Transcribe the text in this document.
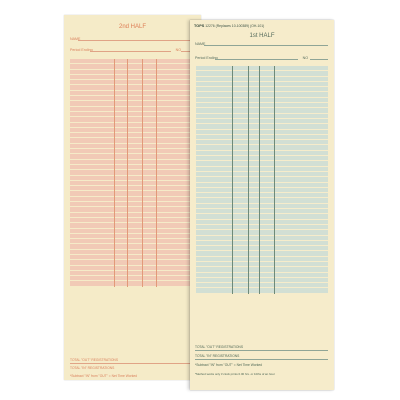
2nd HALF
NAME
Period Ending	NO
TOTAL "OUT" REGISTRATIONS
TOTAL "IN" REGISTRATIONS
*Subtract "IN" from "OUT" = Net Time Worked
TOPS 12276 (Replaces 10-100389) (OH-101)
1st HALF
NAME
Period Ending	NO
TOTAL "OUT" REGISTRATIONS
TOTAL "IN" REGISTRATIONS
*Subtract "IN" from "OUT" = Net Time Worked
*Method works only if clock prints 0.00 hrs. or 10ths of an hour
